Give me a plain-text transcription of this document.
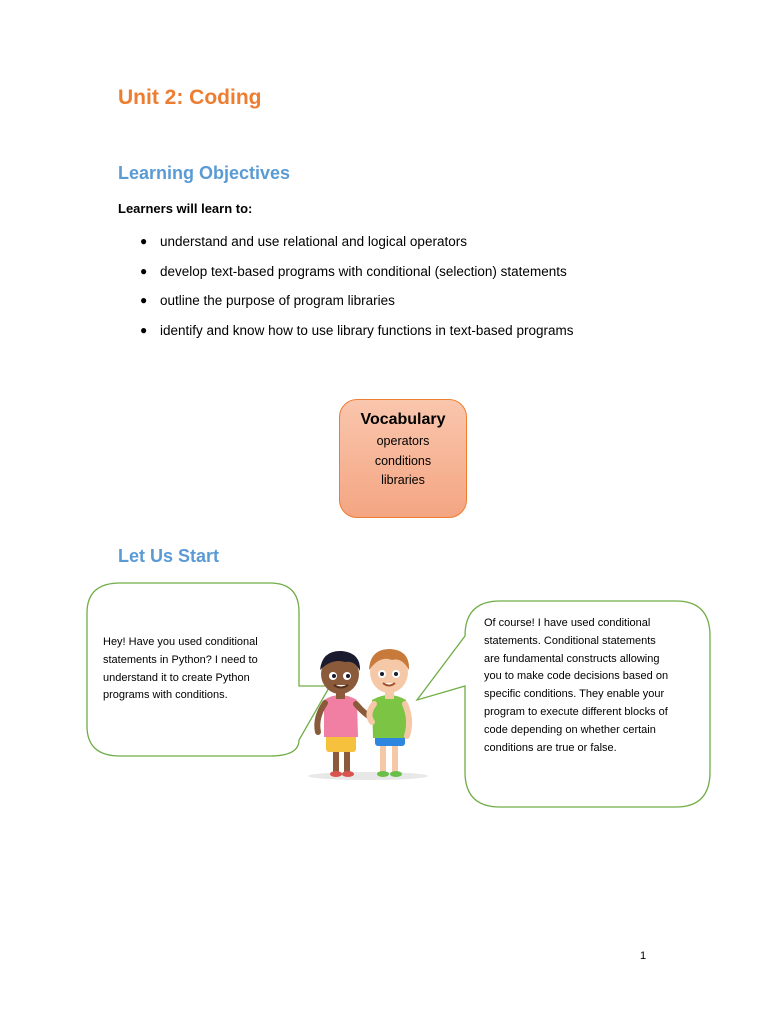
Unit 2: Coding
Learning Objectives
Learners will learn to:
● understand and use relational and logical operators
● develop text-based programs with conditional (selection) statements
● outline the purpose of program libraries
● identify and know how to use library functions in text-based programs
Vocabulary
operators
conditions
libraries
Let Us Start

Hey! Have you used conditional
statements in Python? I need to
understand it to create Python
programs with conditions.

Of course! I have used conditional
statements. Conditional statements
are fundamental constructs allowing
you to make code decisions based on
specific conditions. They enable your
program to execute different blocks of
code depending on whether certain
conditions are true or false.

1
